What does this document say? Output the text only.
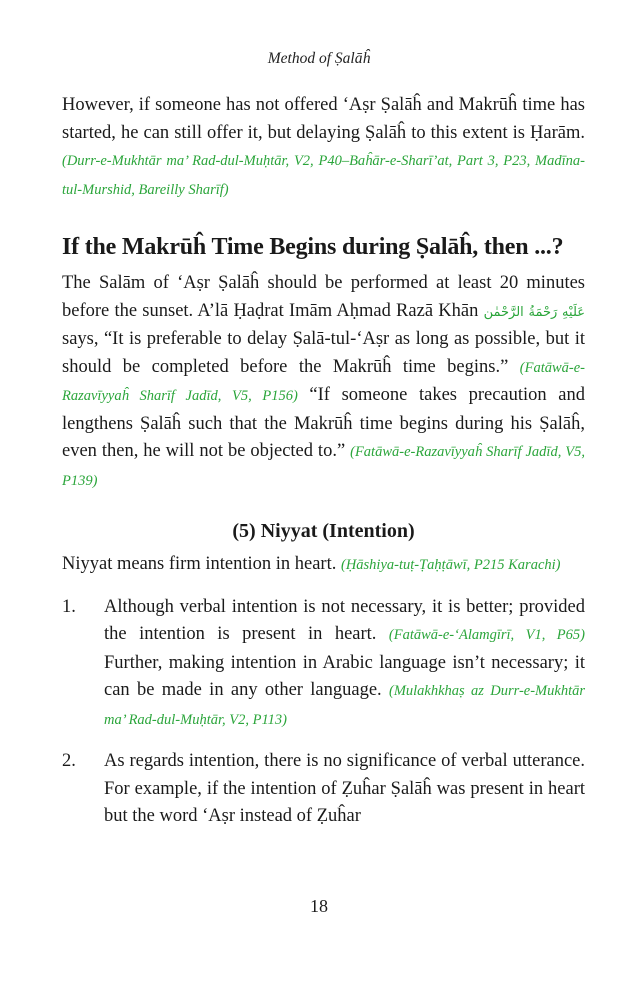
Method of Ṣalāĥ

However, if someone has not offered ‘Aṣr Ṣalāĥ and Makrūĥ time has started, he can still offer it, but delaying Ṣalāĥ to this extent is Ḥarām. (Durr-e-Mukhtār ma’ Rad-dul-Muḥtār, V2, P40–Baĥār-e-Sharī’at, Part 3, P23, Madīna-tul-Murshid, Bareilly Sharīf)

If the Makrūĥ Time Begins during Ṣalāĥ, then ...?

The Salām of ‘Aṣr Ṣalāĥ should be performed at least 20 minutes before the sunset. A’lā Ḥaḍrat Imām Aḥmad Razā Khān عَلَيْهِ رَحْمَةُ الرَّحْمٰن says, “It is preferable to delay Ṣalā-tul-‘Aṣr as long as possible, but it should be completed before the Makrūĥ time begins.” (Fatāwā-e-Razavīyyaĥ Sharīf Jadīd, V5, P156) “If someone takes precaution and lengthens Ṣalāĥ such that the Makrūĥ time begins during his Ṣalāĥ, even then, he will not be objected to.” (Fatāwā-e-Razavīyyaĥ Sharīf Jadīd, V5, P139)

(5) Niyyat (Intention)

Niyyat means firm intention in heart. (Ḥāshiya-tuṭ-Ṭaḥṭāwī, P215 Karachi)

1. Although verbal intention is not necessary, it is better; provided the intention is present in heart. (Fatāwā-e-‘Alamgīrī, V1, P65) Further, making intention in Arabic language isn’t necessary; it can be made in any other language. (Mulakhkhaṣ az Durr-e-Mukhtār ma’ Rad-dul-Muḥtār, V2, P113)
2. As regards intention, there is no significance of verbal utterance. For example, if the intention of Ẓuĥar Ṣalāĥ was present in heart but the word ‘Aṣr instead of Ẓuĥar
18
